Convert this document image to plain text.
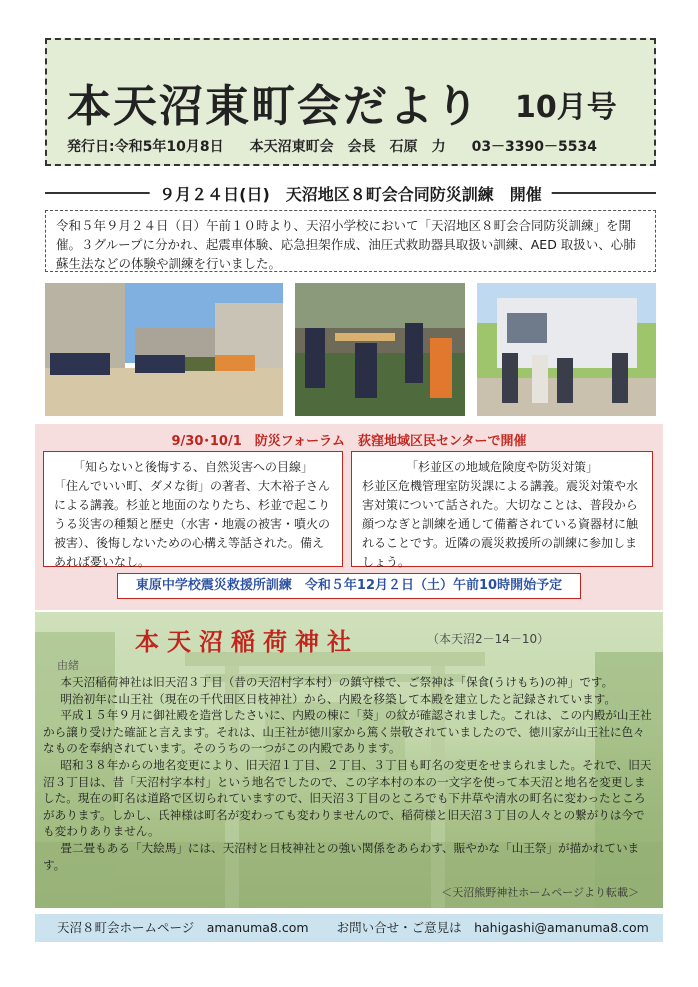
本天沼東町会だより 10月号
発行日:令和5年10月8日 本天沼東町会　会長　石原　力 03－3390－5534
９月２４日(日)　天沼地区８町会合同防災訓練　開催
令和５年９月２４日（日）午前１０時より、天沼小学校において「天沼地区８町会合同防災訓練」を開催。３グループに分かれ、起震車体験、応急担架作成、油圧式救助器具取扱い訓練、AED 取扱い、心肺蘇生法などの体験や訓練を行いました。
9/30･10/1　防災フォーラム　荻窪地域区民センターで開催
「知らないと後悔する、自然災害への目線」
「住んでいい町、ダメな街」の著者、大木裕子さんによる講義。杉並と地面のなりたち、杉並で起こりうる災害の種類と歴史（水害・地震の被害・噴火の被害）、後悔しないための心構え等話された。備えあれば憂いなし。
「杉並区の地域危険度や防災対策」
杉並区危機管理室防災課による講義。震災対策や水害対策について話された。大切なことは、普段から顔つなぎと訓練を通して備蓄されている資器材に触れることです。近隣の震災救援所の訓練に参加しましょう。
東原中学校震災救援所訓練　令和５年12月２日（土）午前10時開始予定
本天沼稲荷神社	（本天沼2－14－10）
由緒

本天沼稲荷神社は旧天沼３丁目（昔の天沼村字本村）の鎮守様で、ご祭神は「保食(うけもち)の神」です。

明治初年に山王社（現在の千代田区日枝神社）から、内殿を移築して本殿を建立したと記録されています。

平成１５年９月に御社殿を造営したさいに、内殿の棟に「葵」の紋が確認されました。これは、この内殿が山王社から譲り受けた確証と言えます。それは、山王社が徳川家から篤く崇敬されていましたので、徳川家が山王社に色々なものを奉納されています。そのうちの一つがこの内殿であります。

昭和３８年からの地名変更により、旧天沼１丁目、２丁目、３丁目も町名の変更をせまられました。それで、旧天沼３丁目は、昔「天沼村字本村」という地名でしたので、この字本村の本の一文字を使って本天沼と地名を変更しました。現在の町名は道路で区切られていますので、旧天沼３丁目のところでも下井草や清水の町名に変わったところがあります。しかし、氏神様は町名が変わっても変わりませんので、稲荷様と旧天沼３丁目の人々との繋がりは今でも変わりありません。

畳二畳もある「大絵馬」には、天沼村と日枝神社との強い関係をあらわす、賑やかな「山王祭」が描かれています。

＜天沼熊野神社ホームページより転載＞
天沼８町会ホームページ　amanuma8.com お問い合せ・ご意見は　hahigashi@amanuma8.com
